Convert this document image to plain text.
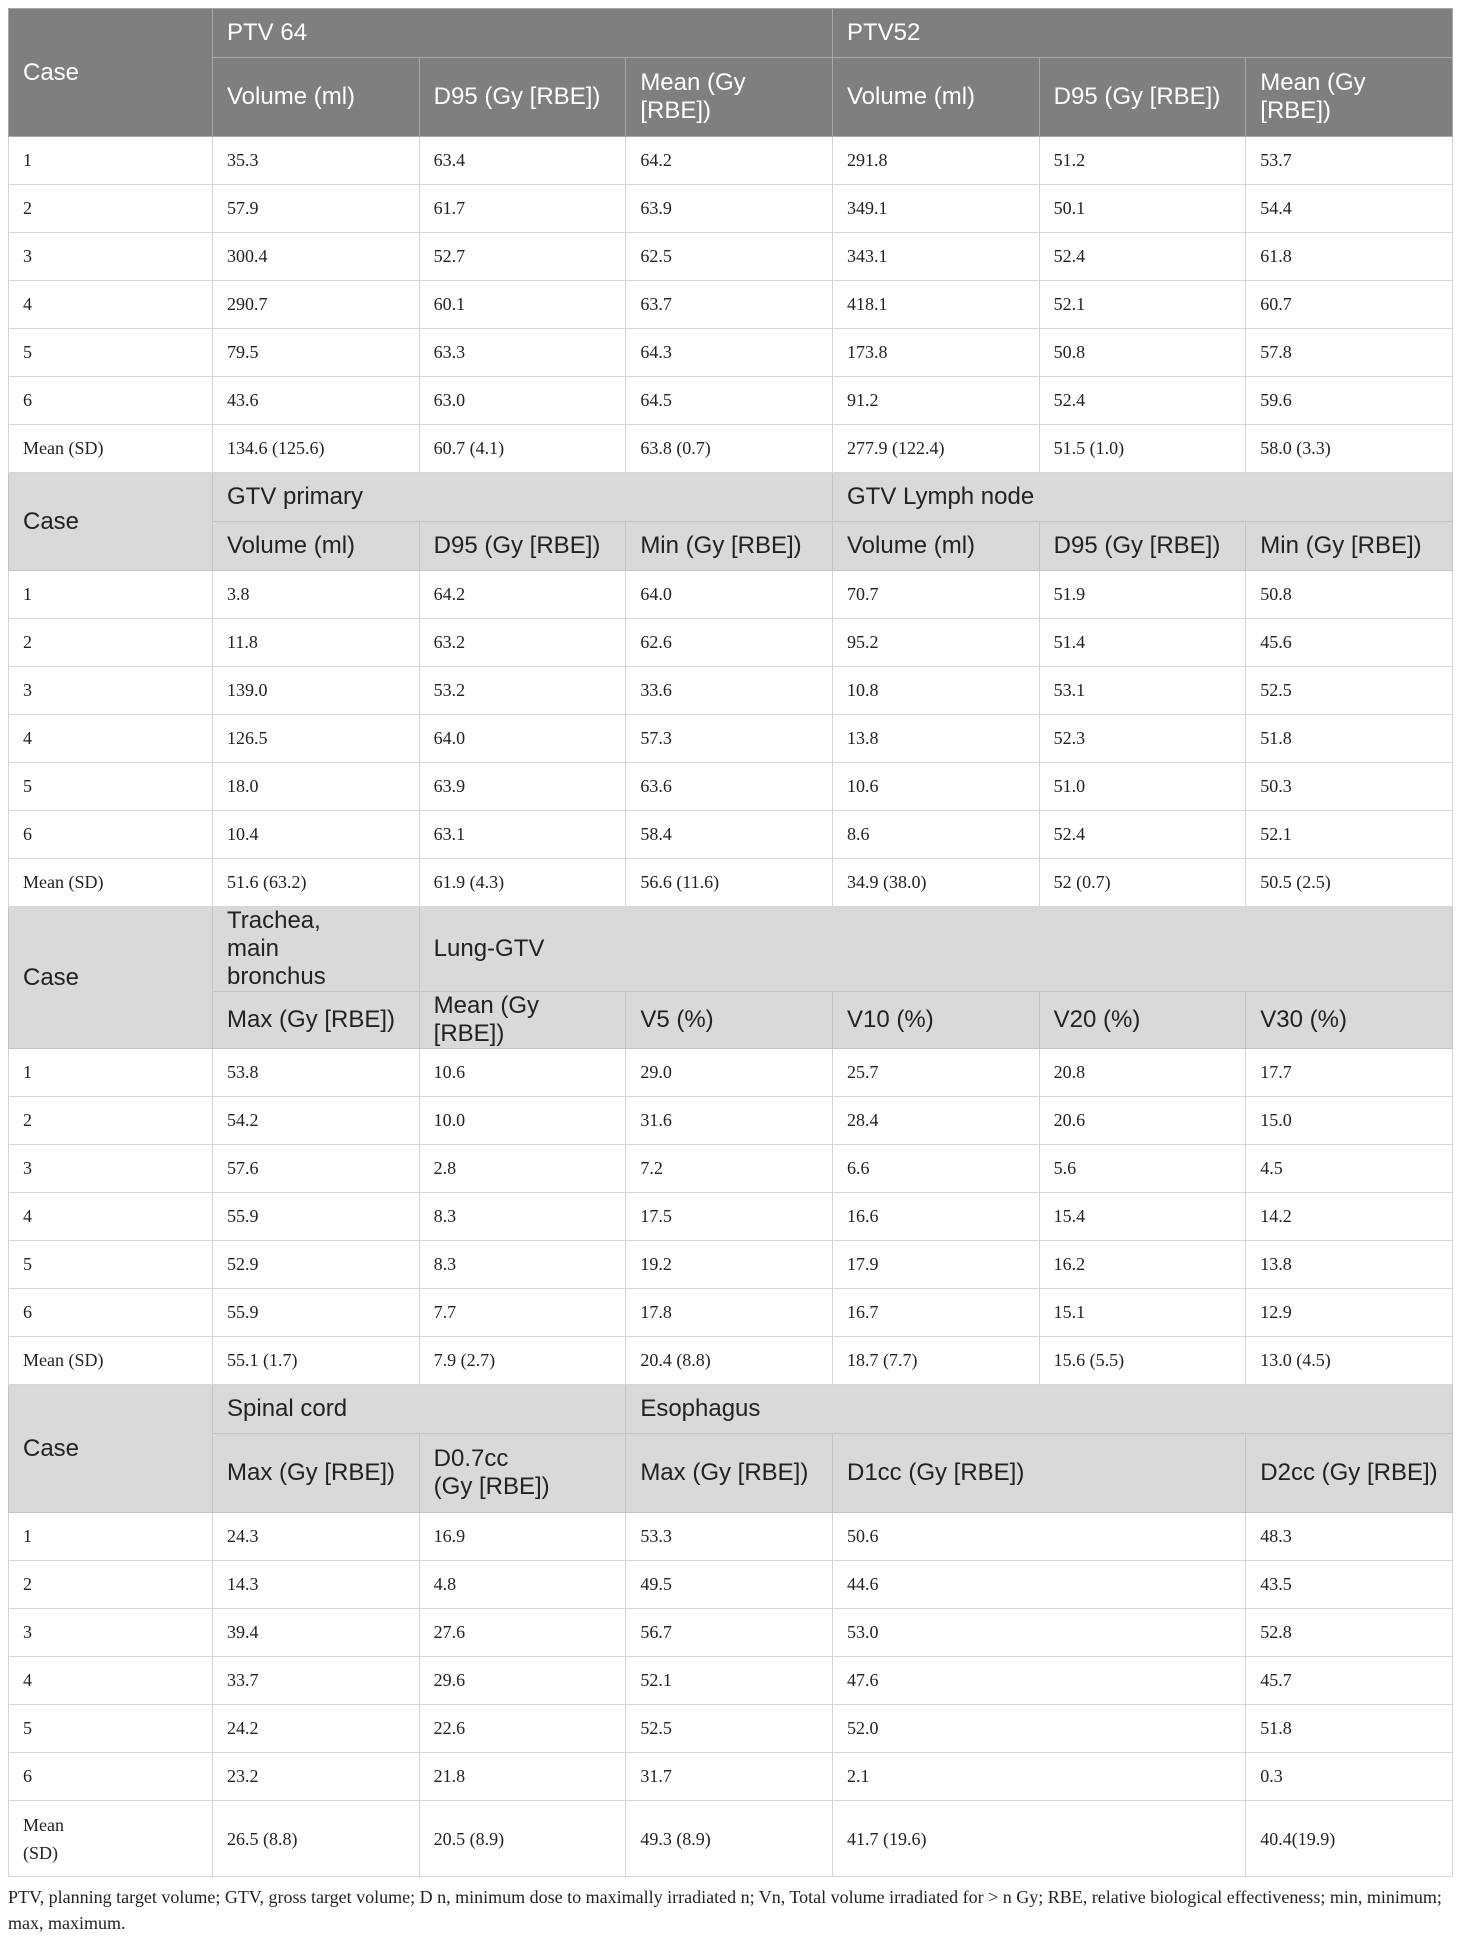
Case	PTV 64			PTV52		
	Volume (ml)	D95 (Gy [RBE])	Mean (Gy [RBE])	Volume (ml)	D95 (Gy [RBE])	Mean (Gy [RBE])

1	35.3	63.4	64.2	291.8	51.2	53.7
2	57.9	61.7	63.9	349.1	50.1	54.4
3	300.4	52.7	62.5	343.1	52.4	61.8
4	290.7	60.1	63.7	418.1	52.1	60.7
5	79.5	63.3	64.3	173.8	50.8	57.8
6	43.6	63.0	64.5	91.2	52.4	59.6
Mean (SD)	134.6 (125.6)	60.7 (4.1)	63.8 (0.7)	277.9 (122.4)	51.5 (1.0)	58.0 (3.3)
Case	GTV primary			GTV Lymph node		
	Volume (ml)	D95 (Gy [RBE])	Min (Gy [RBE])	Volume (ml)	D95 (Gy [RBE])	Min (Gy [RBE])
1	3.8	64.2	64.0	70.7	51.9	50.8
2	11.8	63.2	62.6	95.2	51.4	45.6
3	139.0	53.2	33.6	10.8	53.1	52.5
4	126.5	64.0	57.3	13.8	52.3	51.8
5	18.0	63.9	63.6	10.6	51.0	50.3
6	10.4	63.1	58.4	8.6	52.4	52.1
Mean (SD)	51.6 (63.2)	61.9 (4.3)	56.6 (11.6)	34.9 (38.0)	52 (0.7)	50.5 (2.5)
Case	Trachea, main bronchus	Lung-GTV				
	Max (Gy [RBE])	Mean (Gy [RBE])	V5 (%)	V10 (%)	V20 (%)	V30 (%)
1	53.8	10.6	29.0	25.7	20.8	17.7
2	54.2	10.0	31.6	28.4	20.6	15.0
3	57.6	2.8	7.2	6.6	5.6	4.5
4	55.9	8.3	17.5	16.6	15.4	14.2
5	52.9	8.3	19.2	17.9	16.2	13.8
6	55.9	7.7	17.8	16.7	15.1	12.9
Mean (SD)	55.1 (1.7)	7.9 (2.7)	20.4 (8.8)	18.7 (7.7)	15.6 (5.5)	13.0 (4.5)
Case	Spinal cord		Esophagus			
	Max (Gy [RBE])	D0.7cc (Gy [RBE])	Max (Gy [RBE])	D1cc (Gy [RBE])		D2cc (Gy [RBE])
1	24.3	16.9	53.3	50.6		48.3
2	14.3	4.8	49.5	44.6		43.5
3	39.4	27.6	56.7	53.0		52.8
4	33.7	29.6	52.1	47.6		45.7
5	24.2	22.6	52.5	52.0		51.8
6	23.2	21.8	31.7	2.1		0.3

Mean (SD)	26.5 (8.8)	20.5 (8.9)	49.3 (8.9)	41.7 (19.6)		40.4(19.9)
PTV, planning target volume; GTV, gross target volume; D n, minimum dose to maximally irradiated n; Vn, Total volume irradiated for > n Gy; RBE, relative biological effectiveness; min, minimum; max, maximum.
